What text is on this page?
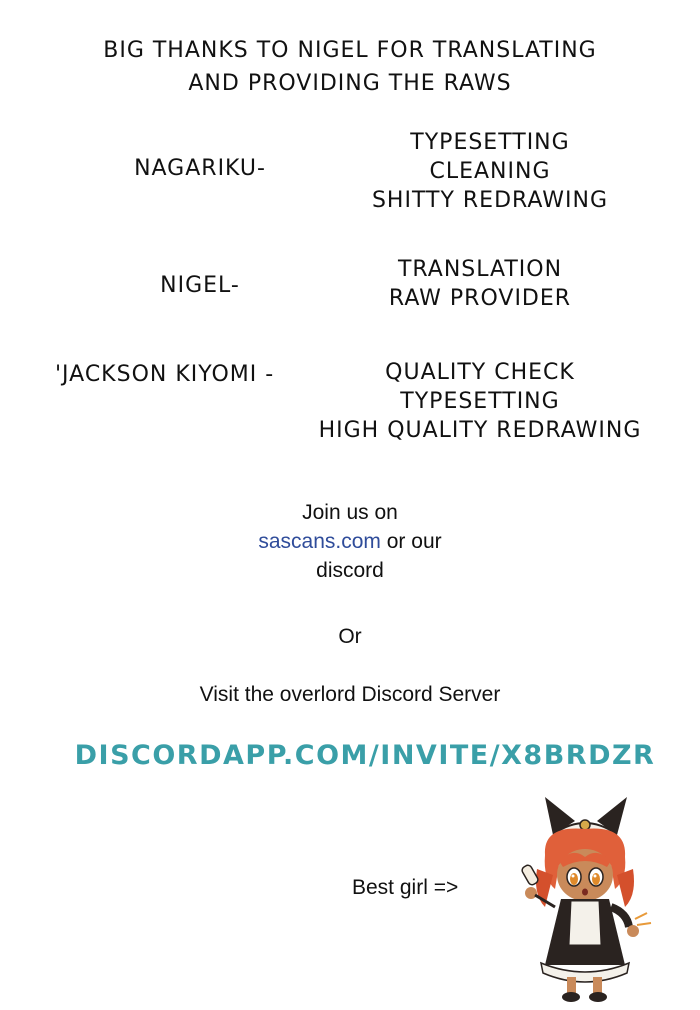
BIG THANKS TO NIGEL FOR TRANSLATING
AND PROVIDING THE RAWS
NAGARIKU-
TYPESETTING
CLEANING
SHITTY REDRAWING
NIGEL-
TRANSLATION
RAW PROVIDER
'JACKSON KIYOMI -	QUALITY CHECK
TYPESETTING
HIGH QUALITY REDRAWING
Join us on
sascans.com or our
discord
Or
Visit the overlord Discord Server
DISCORDAPP.COM/INVITE/X8BRDZR
Best girl =>
